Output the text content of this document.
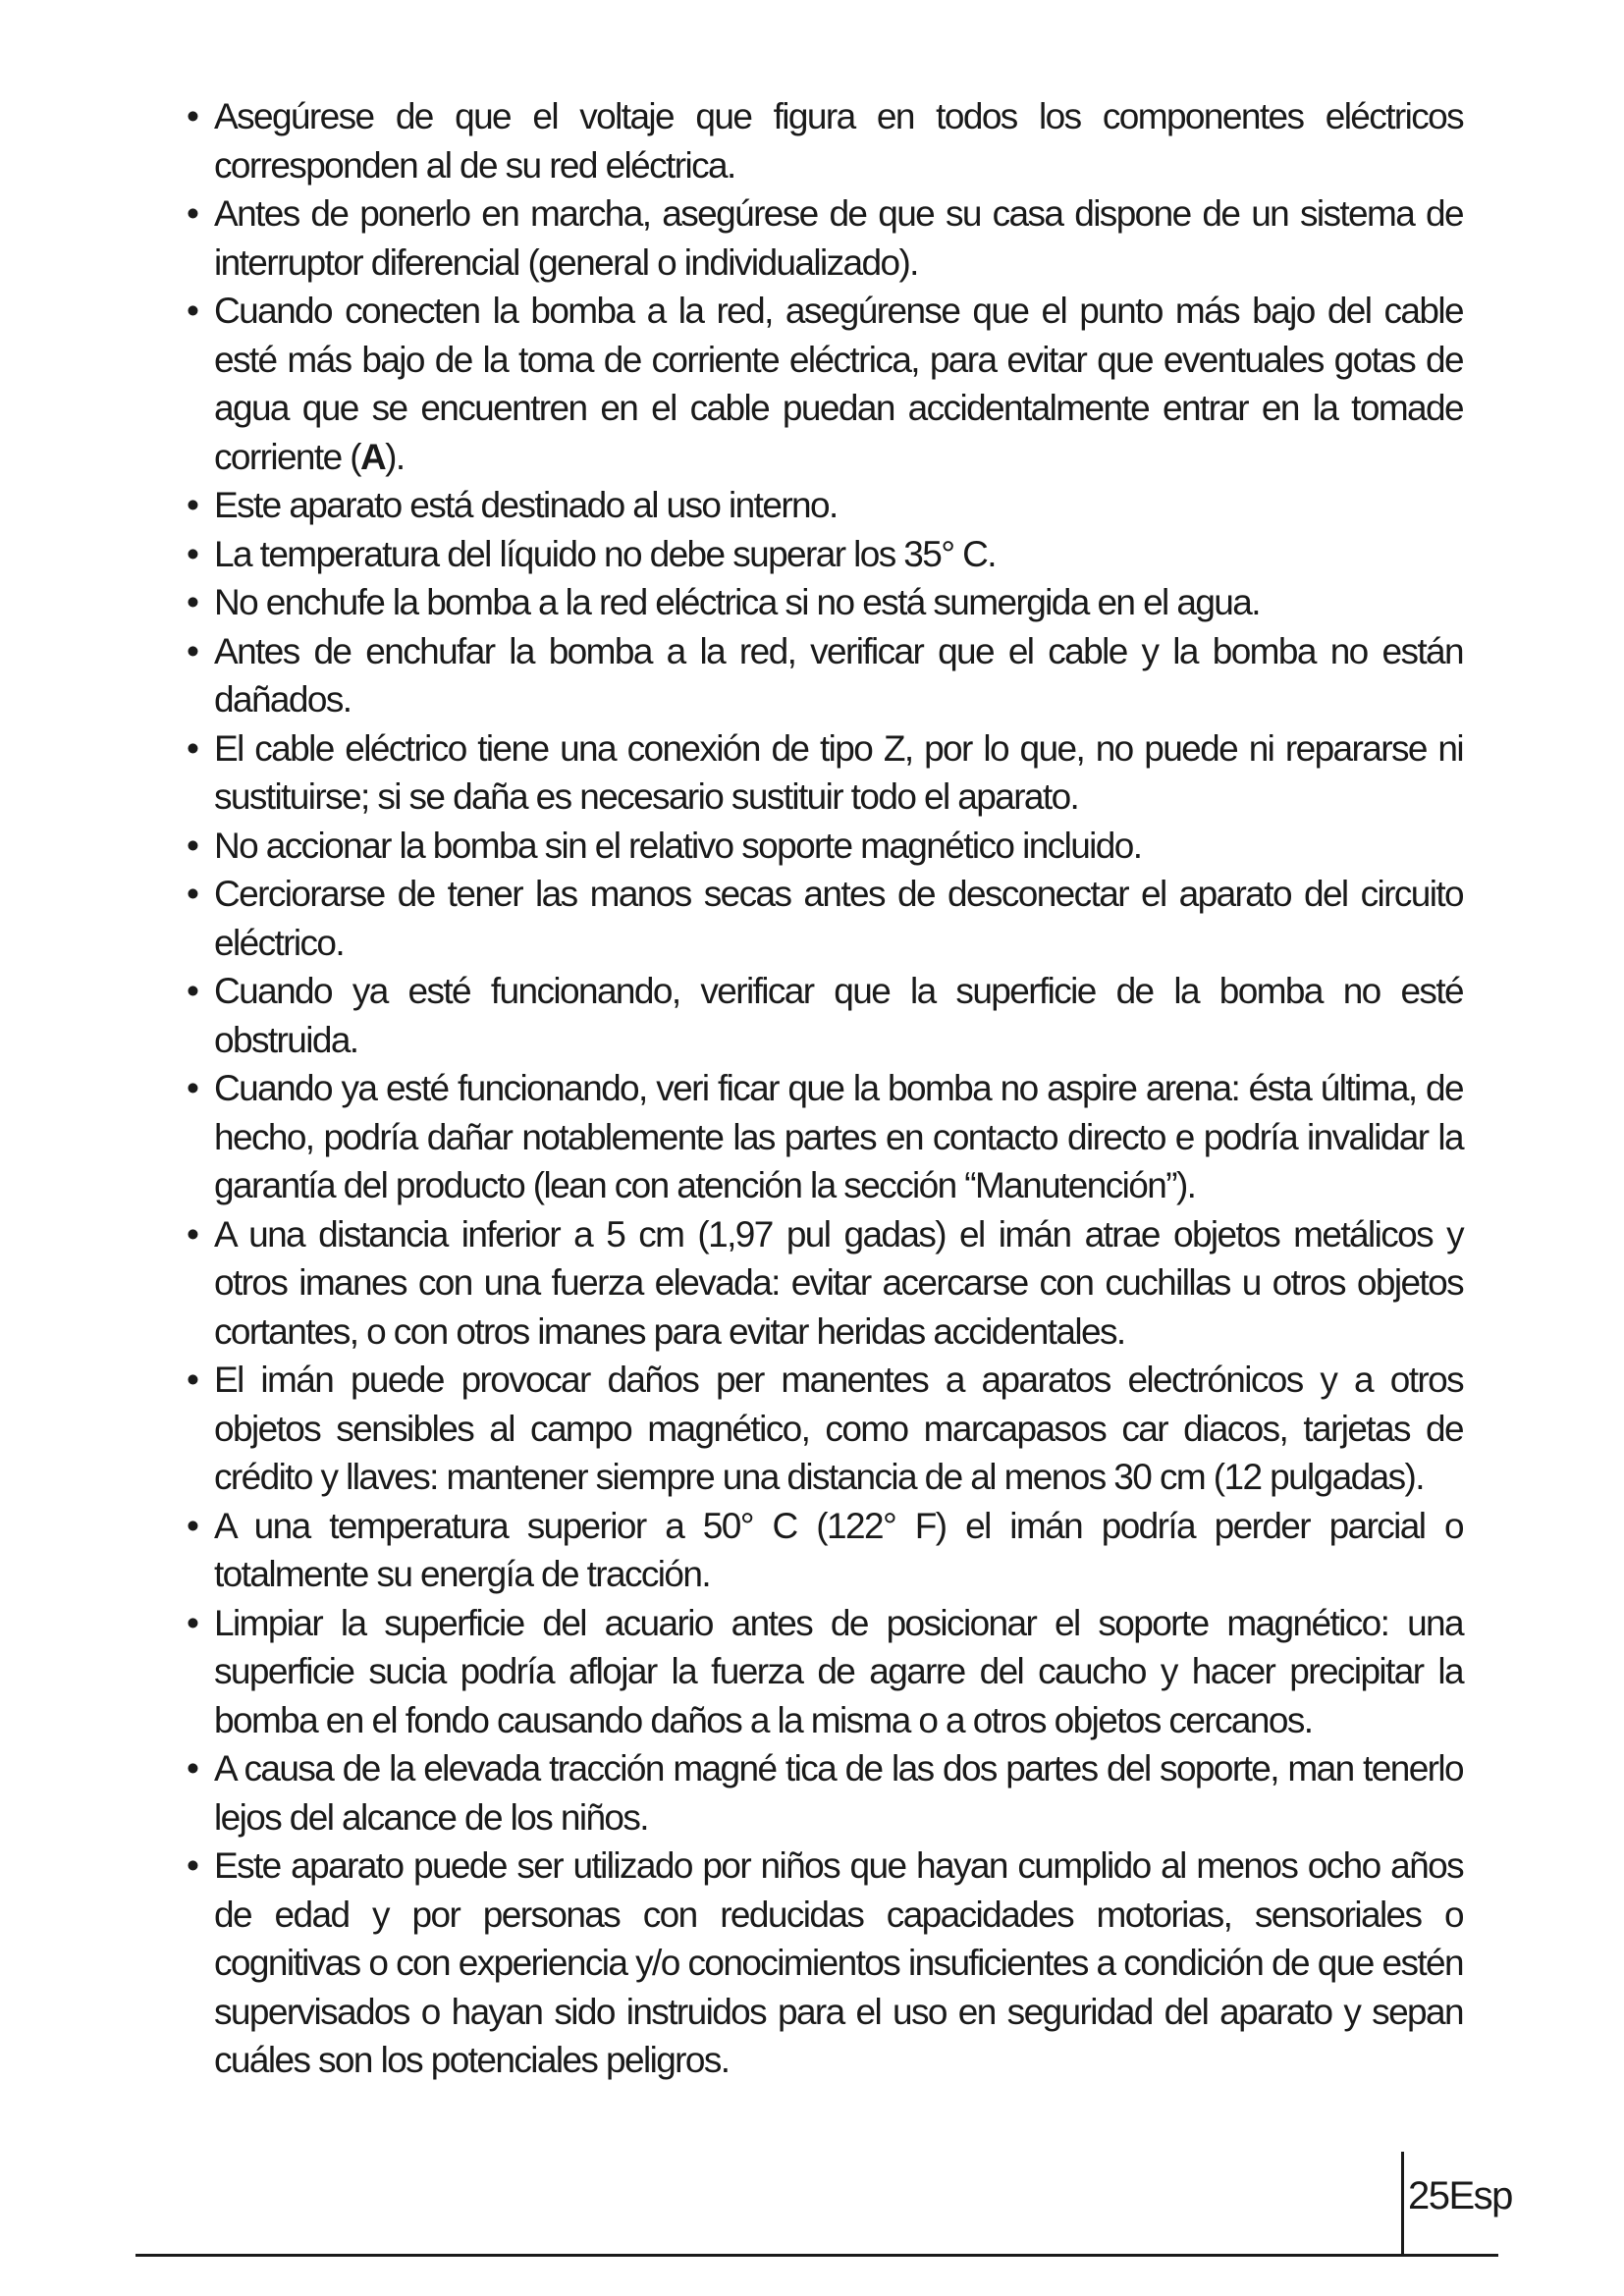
• Asegúrese de que el voltaje que figura en todos los componentes eléctricos corresponden al de su red eléctrica.
• Antes de ponerlo en marcha, asegúrese de que su casa dispone de un sistema de interruptor diferencial (general o individualizado).
• Cuando conecten la bomba a la red, asegúrense que el punto más bajo del cable esté más bajo de la toma de corriente eléctrica, para evitar que eventuales gotas de agua que se encuentren en el cable puedan accidentalmente entrar en la tomade corriente (A).
• Este aparato está destinado al uso interno.
• La temperatura del líquido no debe superar los 35° C.
• No enchufe la bomba a la red eléctrica si no está sumergida en el agua.
• Antes de enchufar la bomba a la red, verificar que el cable y la bomba no están dañados.
• El cable eléctrico tiene una conexión de tipo Z, por lo que, no puede ni repararse ni sustituirse; si se daña es necesario sustituir todo el aparato.
• No accionar la bomba sin el relativo soporte magnético incluido.
• Cerciorarse de tener las manos secas antes de desconectar el aparato del circuito eléctrico.
• Cuando ya esté funcionando, verificar que la superficie de la bomba no esté obstruida.
• Cuando ya esté funcionando, veri ficar que la bomba no aspire arena: ésta última, de hecho, podría dañar notablemente las partes en contacto directo e podría invalidar la garantía del producto (lean con atención la sección “Manutención”).
• A una distancia inferior a 5 cm (1,97 pul gadas) el imán atrae objetos metálicos y otros imanes con una fuerza elevada: evitar acercarse con cuchillas u otros objetos cortantes, o con otros imanes para evitar heridas accidentales.
• El imán puede provocar daños per manentes a aparatos electrónicos y a otros objetos sensibles al campo magnético, como marcapasos car diacos, tarjetas de crédito y llaves: mantener siempre una distancia de al menos 30 cm (12 pulgadas).
• A una temperatura superior a 50° C (122° F) el imán podría perder parcial o totalmente su energía de tracción.
• Limpiar la superficie del acuario antes de posicionar el soporte magnético: una superficie sucia podría aflojar la fuerza de agarre del caucho y hacer precipitar la bomba en el fondo causando daños a la misma o a otros objetos cercanos.
• A causa de la elevada tracción magné tica de las dos partes del soporte, man tenerlo lejos del alcance de los niños.
• Este aparato puede ser utilizado por niños que hayan cumplido al menos ocho años de edad y por personas con reducidas capacidades motorias, sensoriales o cognitivas o con experiencia y/o conocimientos insuficientes a condición de que estén supervisados o hayan sido instruidos para el uso en seguridad del aparato y sepan cuáles son los potenciales peligros.
25Esp
